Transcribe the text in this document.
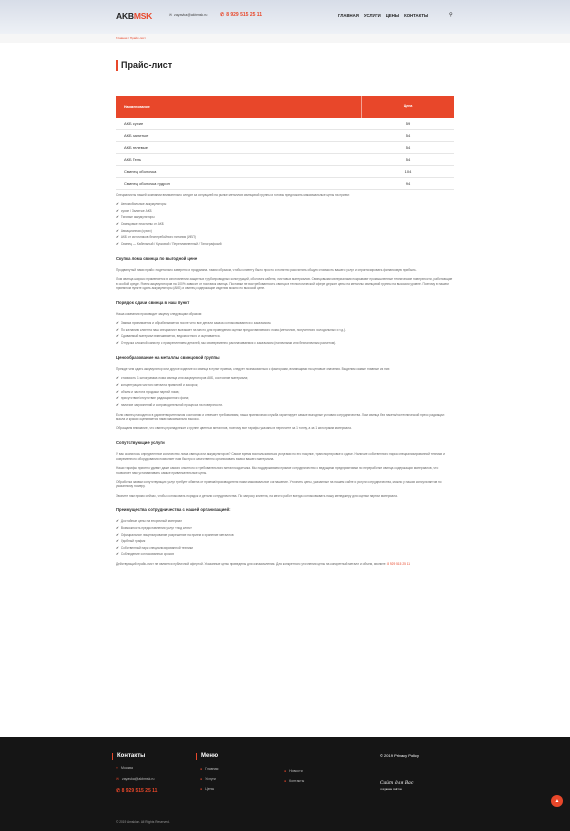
AKBMSK	✉ zayavka@akbmsk.ru	✆ 8 929 515 25 11	ГЛАВНАЯ УСЛУГИ ЦЕНЫ КОНТАКТЫ	⚲
Главная / Прайс-лист
Прайс-лист
Наименование	Цена
АКБ сухие	59
АКБ залитые	54
АКБ гелевые	54
АКБ Гель	54
Свинец оболочка	104
Свинец оболочка гудрон	94

Специалисты нашей компании внимательно следят за ситуацией на рынке металлов свинцовой группы и готовы предложить максимальные цены на прием:

✔ Автомобильные аккумуляторы
✔ сухие / Залитые АКБ
✔ Тяговые аккумуляторы
✔ Свинцовые пластины от АКБ
✔ Авиационная (сухих)
✔ АКБ от источников бесперебойного питания (ИБП)
✔ Свинец — Кабельный / Кусковой / Переплавленный / Типографский
Скупка лома свинца по выгодной цене

Продвинутый нами прайс: подетально заверено и продумана. таким образом, чтобы клиенту было просто и понятно рассчитать общую стоимость вашего услуг и спрогнозировать финансовую прибыль.

Лом свинца широко применяется в изготовлении защитных трубопроводных конструкций, оболочек кабеля, листовых материалов. Свинцовыми материалами покрывают промышленные технические поверхности, работающие в особой среде. Ячеек аккумуляторов на 100% зависит от поставок свинца. Поставки не востребованность свинца в технологической сфере держит цены на металлы свинцовой группы на высоком уровне. Поэтому в нашем приемном пункте сдать аккумуляторы (АКБ) и свинец содержащие изделия можно по высокой цене.

Порядок сдачи свинца в наш пункт

Наша компания производит закупку следующим образом:

✔ Заявка принимается и обрабатывается после чего все детали заказа согласовываются с заказчиком.
✔ По желанию клиента наш специалист выезжает на место для проведения оценки предоставляемого лома (металлов, полученного холодильных и т.д.).
✔ Сдаваемый материал взвешивается, ведомостного и оценивается.
✔ Отгрузка сложной канистр с прикреплением деталей, мы своевременно расплачиваемся с заказчиком (наличными или безналичным расчетом).
Ценообразование на металлы свинцовой группы

Прежде чем сдать аккумулятор или другое изделие из свинца в пункт приема, следует познакомиться с факторами, влияющими на ценовые значения. Выделим самые главные из них:

✔ стоимость 1 килограмма лома свинца или аккумуляторов АКБ, состояние материала;
✔ концентрация чистого металла примесей и засорок;
✔ объем и частота продажи партий лома;
✔ присутствие/отсутствие радиационного фона;
✔ наличие загрязнений и сопроводительной процесса на поверхности.

Если свинец находится в удовлетворительном состоянии и отвечает требованиям, наша приемочная служба гарантирует самые выгодные условия сотрудничества. Лом свинца без пакета/гостехнической пресс радиации: масла и краски оценивается нами максимально высоко.

Обращаем внимание, что свинец принадлежит к группе цветных металлов, поэтому все тарифы указаны в пересчете за 1 тонну, а за 1 килограмм материала.

Сопутствующие услуги

У вас скопилось определенное количество лома свинца или аккумуляторов? Самое время воспользоваться услугами по его покупке, транспортировке и сдаче. Наличие собственного парка специализированной техники и современного оборудования позволяет нам быстро и качественно организовать вывоз вашего материала.

Наши тарифы приятно удивят даже самого опытного и требовательного металлосдатчика. Мы поддерживаем прямое сотрудничество с ведущими предприятиями по переработке свинца содержащих материалов, что позволяет нам устанавливать самые привлекательные цены.

Обработка заявки сопутствующих услуг требует обмена от приема/производителя нами максимальное соглашение. Уточнить цены, указанные на нашем сайте и услуги сотрудничества, можно у наших консультантов по указанному номеру.

Звоните нам прямо сейчас, чтобы согласовать порядок и детали сотрудничества. По запросу клиента, на место работ всегда согласовывать нашу менеджеру для оценки партии материала.

Преимущества сотрудничества с нашей организацией:
✔ Достойные цены на вторичный материал
✔ Возможность предоставления услуг «под ключ»
✔ Официальное лицензирование разрешение на прием и хранение металлов
✔ Удобный график
✔ Собственный парк специализированной техники
✔ Соблюдение согласованных сроков

Действующий прайс-лист не является публичной офертой. Указанные цены приведены для ознакомления. Для конкретного уточнения цены на конкретный металл и объем, звоните: 8 929 515 25 11

Контакты
⌖ Москва
✉ zayavka@akbmsk.ru
✆ 8 929 515 25 11
Меню
● Главная
● Услуги
● Цены
● Новости
● Контакты
© 2019 Privacy Policy
Сайт для Вас
создание сайтов
© 2019 Amsklon. All Rights Reserved.
▲
